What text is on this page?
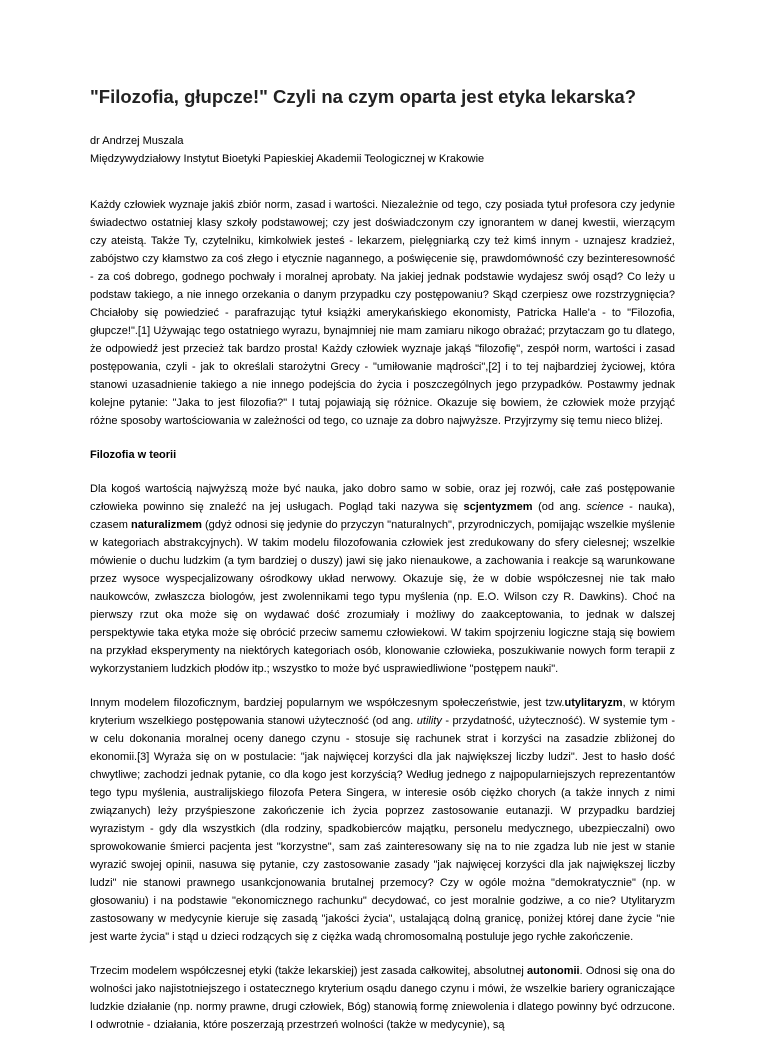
"Filozofia, głupcze!" Czyli na czym oparta jest etyka lekarska?

dr Andrzej Muszala

Międzywydziałowy Instytut Bioetyki Papieskiej Akademii Teologicznej w Krakowie

Każdy człowiek wyznaje jakiś zbiór norm, zasad i wartości. Niezależnie od tego, czy posiada tytuł profesora czy jedynie świadectwo ostatniej klasy szkoły podstawowej; czy jest doświadczonym czy ignorantem w danej kwestii, wierzącym czy ateistą. Także Ty, czytelniku, kimkolwiek jesteś - lekarzem, pielęgniarką czy też kimś innym - uznajesz kradzież, zabójstwo czy kłamstwo za coś złego i etycznie nagannego, a poświęcenie się, prawdomówność czy bezinteresowność - za coś dobrego, godnego pochwały i moralnej aprobaty. Na jakiej jednak podstawie wydajesz swój osąd? Co leży u podstaw takiego, a nie innego orzekania o danym przypadku czy postępowaniu? Skąd czerpiesz owe rozstrzygnięcia? Chciałoby się powiedzieć - parafrazując tytuł książki amerykańskiego ekonomisty, Patricka Halle'a - to "Filozofia, głupcze!".[1] Używając tego ostatniego wyrazu, bynajmniej nie mam zamiaru nikogo obrażać; przytaczam go tu dlatego, że odpowiedź jest przecież tak bardzo prosta! Każdy człowiek wyznaje jakąś "filozofię", zespół norm, wartości i zasad postępowania, czyli - jak to określali starożytni Grecy - "umiłowanie mądrości",[2] i to tej najbardziej życiowej, która stanowi uzasadnienie takiego a nie innego podejścia do życia i poszczególnych jego przypadków. Postawmy jednak kolejne pytanie: "Jaka to jest filozofia?" I tutaj pojawiają się różnice. Okazuje się bowiem, że człowiek może przyjąć różne sposoby wartościowania w zależności od tego, co uznaje za dobro najwyższe. Przyjrzymy się temu nieco bliżej.

Filozofia w teorii

Dla kogoś wartością najwyższą może być nauka, jako dobro samo w sobie, oraz jej rozwój, całe zaś postępowanie człowieka powinno się znaleźć na jej usługach. Pogląd taki nazywa się scjentyzmem (od ang. science - nauka), czasem naturalizmem (gdyż odnosi się jedynie do przyczyn "naturalnych", przyrodniczych, pomijając wszelkie myślenie w kategoriach abstrakcyjnych). W takim modelu filozofowania człowiek jest zredukowany do sfery cielesnej; wszelkie mówienie o duchu ludzkim (a tym bardziej o duszy) jawi się jako nienaukowe, a zachowania i reakcje są warunkowane przez wysoce wyspecjalizowany ośrodkowy układ nerwowy. Okazuje się, że w dobie współczesnej nie tak mało naukowców, zwłaszcza biologów, jest zwolennikami tego typu myślenia (np. E.O. Wilson czy R. Dawkins). Choć na pierwszy rzut oka może się on wydawać dość zrozumiały i możliwy do zaakceptowania, to jednak w dalszej perspektywie taka etyka może się obrócić przeciw samemu człowiekowi. W takim spojrzeniu logiczne stają się bowiem na przykład eksperymenty na niektórych kategoriach osób, klonowanie człowieka, poszukiwanie nowych form terapii z wykorzystaniem ludzkich płodów itp.; wszystko to może być usprawiedliwione "postępem nauki".

Innym modelem filozoficznym, bardziej popularnym we współczesnym społeczeństwie, jest tzw.utylitaryzm, w którym kryterium wszelkiego postępowania stanowi użyteczność (od ang. utility - przydatność, użyteczność). W systemie tym - w celu dokonania moralnej oceny danego czynu - stosuje się rachunek strat i korzyści na zasadzie zbliżonej do ekonomii.[3] Wyraża się on w postulacie: "jak najwięcej korzyści dla jak największej liczby ludzi". Jest to hasło dość chwytliwe; zachodzi jednak pytanie, co dla kogo jest korzyścią? Według jednego z najpopularniejszych reprezentantów tego typu myślenia, australijskiego filozofa Petera Singera, w interesie osób ciężko chorych (a także innych z nimi związanych) leży przyśpieszone zakończenie ich życia poprzez zastosowanie eutanazji. W przypadku bardziej wyrazistym - gdy dla wszystkich (dla rodziny, spadkobierców majątku, personelu medycznego, ubezpieczalni) owo sprowokowanie śmierci pacjenta jest "korzystne", sam zaś zainteresowany się na to nie zgadza lub nie jest w stanie wyrazić swojej opinii, nasuwa się pytanie, czy zastosowanie zasady "jak najwięcej korzyści dla jak największej liczby ludzi" nie stanowi prawnego usankcjonowania brutalnej przemocy? Czy w ogóle można "demokratycznie" (np. w głosowaniu) i na podstawie "ekonomicznego rachunku" decydować, co jest moralnie godziwe, a co nie? Utylitaryzm zastosowany w medycynie kieruje się zasadą "jakości życia", ustalającą dolną granicę, poniżej której dane życie "nie jest warte życia" i stąd u dzieci rodzących się z ciężka wadą chromosomalną postuluje jego rychłe zakończenie.

Trzecim modelem współczesnej etyki (także lekarskiej) jest zasada całkowitej, absolutnej autonomii. Odnosi się ona do wolności jako najistotniejszego i ostatecznego kryterium osądu danego czynu i mówi, że wszelkie bariery ograniczające ludzkie działanie (np. normy prawne, drugi człowiek, Bóg) stanowią formę zniewolenia i dlatego powinny być odrzucone. I odwrotnie - działania, które poszerzają przestrzeń wolności (także w medycynie), są
